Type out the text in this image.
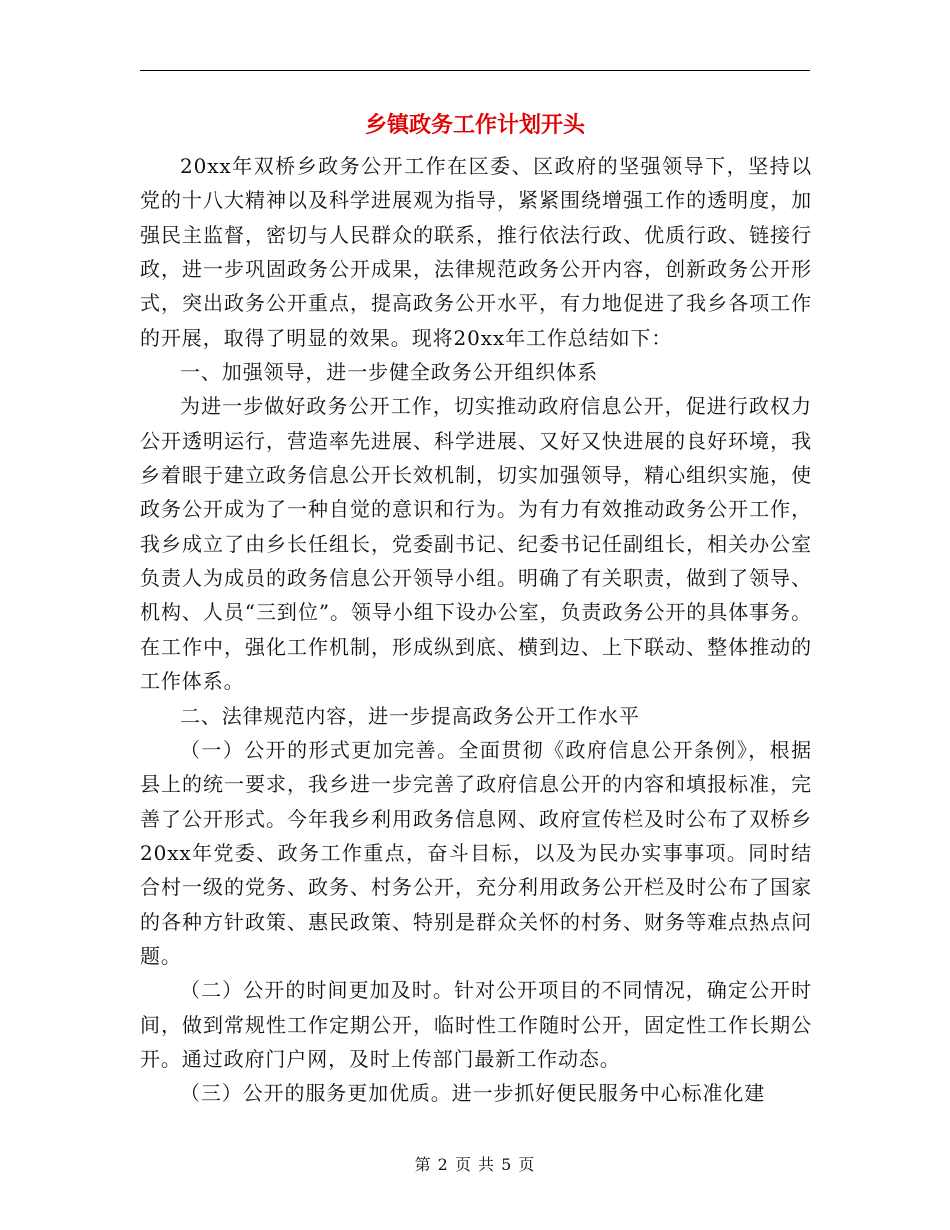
乡镇政务工作计划开头

20xx年双桥乡政务公开工作在区委、区政府的坚强领导下，坚持以党的十八大精神以及科学进展观为指导，紧紧围绕增强工作的透明度，加强民主监督，密切与人民群众的联系，推行依法行政、优质行政、链接行政，进一步巩固政务公开成果，法律规范政务公开内容，创新政务公开形式，突出政务公开重点，提高政务公开水平，有力地促进了我乡各项工作的开展，取得了明显的效果。现将20xx年工作总结如下：

一、加强领导，进一步健全政务公开组织体系

为进一步做好政务公开工作，切实推动政府信息公开，促进行政权力公开透明运行，营造率先进展、科学进展、又好又快进展的良好环境，我乡着眼于建立政务信息公开长效机制，切实加强领导，精心组织实施，使政务公开成为了一种自觉的意识和行为。为有力有效推动政务公开工作，我乡成立了由乡长任组长，党委副书记、纪委书记任副组长，相关办公室负责人为成员的政务信息公开领导小组。明确了有关职责，做到了领导、机构、人员“三到位”。领导小组下设办公室，负责政务公开的具体事务。在工作中，强化工作机制，形成纵到底、横到边、上下联动、整体推动的工作体系。

二、法律规范内容，进一步提高政务公开工作水平

（一）公开的形式更加完善。全面贯彻《政府信息公开条例》，根据县上的统一要求，我乡进一步完善了政府信息公开的内容和填报标准，完善了公开形式。今年我乡利用政务信息网、政府宣传栏及时公布了双桥乡20xx年党委、政务工作重点，奋斗目标，以及为民办实事事项。同时结合村一级的党务、政务、村务公开，充分利用政务公开栏及时公布了国家的各种方针政策、惠民政策、特别是群众关怀的村务、财务等难点热点问题。

（二）公开的时间更加及时。针对公开项目的不同情况，确定公开时间，做到常规性工作定期公开，临时性工作随时公开，固定性工作长期公开。通过政府门户网，及时上传部门最新工作动态。

（三）公开的服务更加优质。进一步抓好便民服务中心标准化建

第 2 页 共 5 页
